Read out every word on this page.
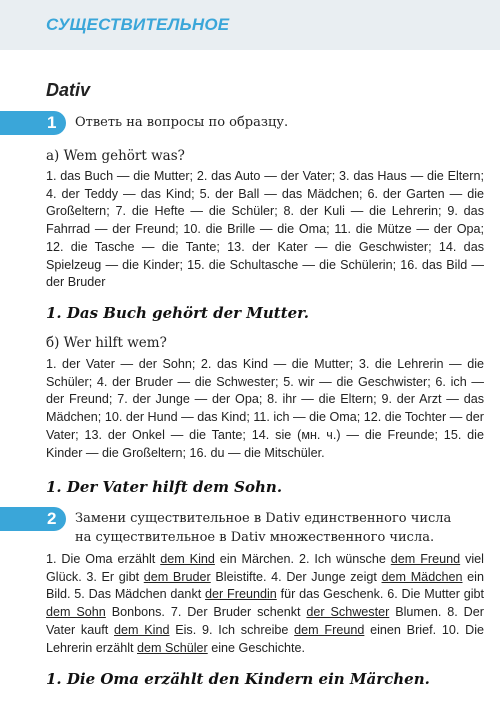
СУЩЕСТВИТЕЛЬНОЕ
Dativ
1 Ответь на вопросы по образцу.
а) Wem gehört was?
1. das Buch — die Mutter; 2. das Auto — der Vater; 3. das Haus — die Eltern; 4. der Teddy — das Kind; 5. der Ball — das Mädchen; 6. der Garten — die Großeltern; 7. die Hefte — die Schüler; 8. der Kuli — die Lehrerin; 9. das Fahrrad — der Freund; 10. die Brille — die Oma; 11. die Mütze — der Opa; 12. die Tasche — die Tante; 13. der Kater — die Geschwister; 14. das Spielzeug — die Kinder; 15. die Schultasche — die Schülerin; 16. das Bild — der Bruder
1. Das Buch gehört der Mutter.
б) Wer hilft wem?
1. der Vater — der Sohn; 2. das Kind — die Mutter; 3. die Lehrerin — die Schüler; 4. der Bruder — die Schwester; 5. wir — die Geschwister; 6. ich — der Freund; 7. der Junge — der Opa; 8. ihr — die Eltern; 9. der Arzt — das Mädchen; 10. der Hund — das Kind; 11. ich — die Oma; 12. die Tochter — der Vater; 13. der Onkel — die Tante; 14. sie (мн. ч.) — die Freunde; 15. die Kinder — die Großeltern; 16. du — die Mitschüler.
1. Der Vater hilft dem Sohn.
2 Замени существительное в Dativ единственного числа
на существительное в Dativ множественного числа.
1. Die Oma erzählt dem Kind ein Märchen. 2. Ich wünsche dem Freund viel Glück. 3. Er gibt dem Bruder Bleistifte. 4. Der Junge zeigt dem Mädchen ein Bild. 5. Das Mädchen dankt der Freundin für das Geschenk. 6. Die Mutter gibt dem Sohn Bonbons. 7. Der Bruder schenkt der Schwester Blumen. 8. Der Vater kauft dem Kind Eis. 9. Ich schreibe dem Freund einen Brief. 10. Die Lehrerin erzählt dem Schüler eine Geschichte.
1. Die Oma erzählt den Kindern ein Märchen.
